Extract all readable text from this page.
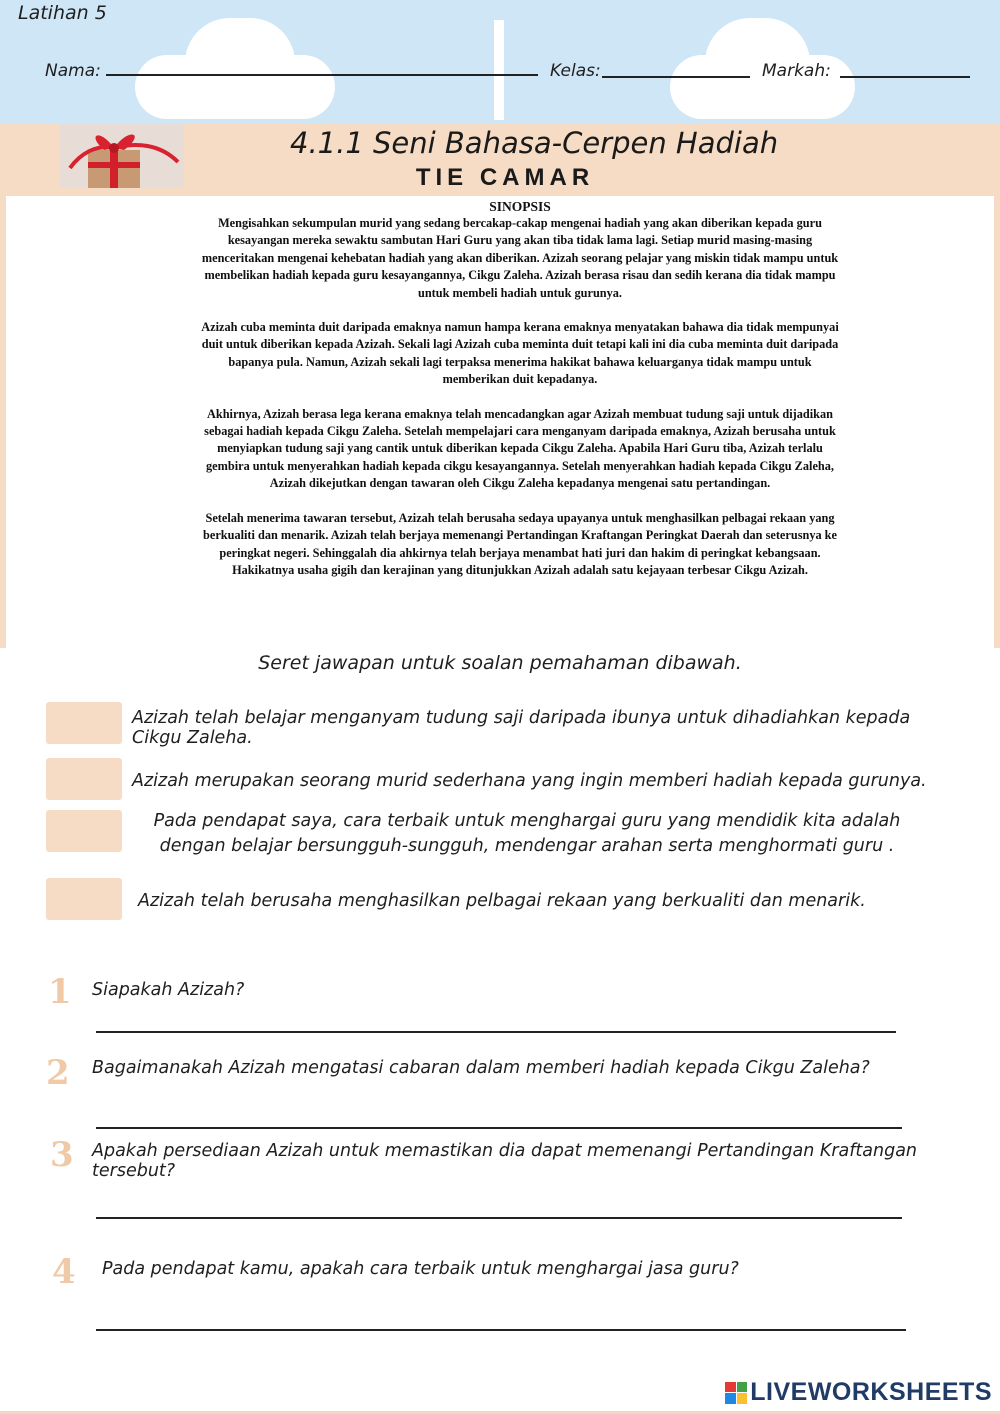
Latihan 5
Nama:	Kelas:	Markah:
4.1.1 Seni Bahasa-Cerpen Hadiah
TIE CAMAR
SINOPSIS

Mengisahkan sekumpulan murid yang sedang bercakap-cakap mengenai hadiah yang akan diberikan kepada guru kesayangan mereka sewaktu sambutan Hari Guru yang akan tiba tidak lama lagi. Setiap murid masing-masing menceritakan mengenai kehebatan hadiah yang akan diberikan. Azizah seorang pelajar yang miskin tidak mampu untuk membelikan hadiah kepada guru kesayangannya, Cikgu Zaleha. Azizah berasa risau dan sedih kerana dia tidak mampu untuk membeli hadiah untuk gurunya.

Azizah cuba meminta duit daripada emaknya namun hampa kerana emaknya menyatakan bahawa dia tidak mempunyai duit untuk diberikan kepada Azizah. Sekali lagi Azizah cuba meminta duit tetapi kali ini dia cuba meminta duit daripada bapanya pula. Namun, Azizah sekali lagi terpaksa menerima hakikat bahawa keluarganya tidak mampu untuk memberikan duit kepadanya.

Akhirnya, Azizah berasa lega kerana emaknya telah mencadangkan agar Azizah membuat tudung saji untuk dijadikan sebagai hadiah kepada Cikgu Zaleha. Setelah mempelajari cara menganyam daripada emaknya, Azizah berusaha untuk menyiapkan tudung saji yang cantik untuk diberikan kepada Cikgu Zaleha. Apabila Hari Guru tiba, Azizah terlalu gembira untuk menyerahkan hadiah kepada cikgu kesayangannya. Setelah menyerahkan hadiah kepada Cikgu Zaleha, Azizah dikejutkan dengan tawaran oleh Cikgu Zaleha kepadanya mengenai satu pertandingan.

Setelah menerima tawaran tersebut, Azizah telah berusaha sedaya upayanya untuk menghasilkan pelbagai rekaan yang berkualiti dan menarik. Azizah telah berjaya memenangi Pertandingan Kraftangan Peringkat Daerah dan seterusnya ke peringkat negeri. Sehinggalah dia ahkirnya telah berjaya menambat hati juri dan hakim di peringkat kebangsaan. Hakikatnya usaha gigih dan kerajinan yang ditunjukkan Azizah adalah satu kejayaan terbesar Cikgu Azizah.

Seret jawapan untuk soalan pemahaman dibawah.
Azizah telah belajar menganyam tudung saji daripada ibunya untuk dihadiahkan kepada Cikgu Zaleha.
Azizah merupakan seorang murid sederhana yang ingin memberi hadiah kepada gurunya.
Pada pendapat saya, cara terbaik untuk menghargai guru yang mendidik kita adalah dengan belajar bersungguh-sungguh, mendengar arahan serta menghormati guru .
Azizah telah berusaha menghasilkan pelbagai rekaan yang berkualiti dan menarik.
1 Siapakah Azizah?
2 Bagaimanakah Azizah mengatasi cabaran dalam memberi hadiah kepada Cikgu Zaleha?
3 Apakah persediaan Azizah untuk memastikan dia dapat memenangi Pertandingan Kraftangan tersebut?
4 Pada pendapat kamu, apakah cara terbaik untuk menghargai jasa guru?
LIVEWORKSHEETS
